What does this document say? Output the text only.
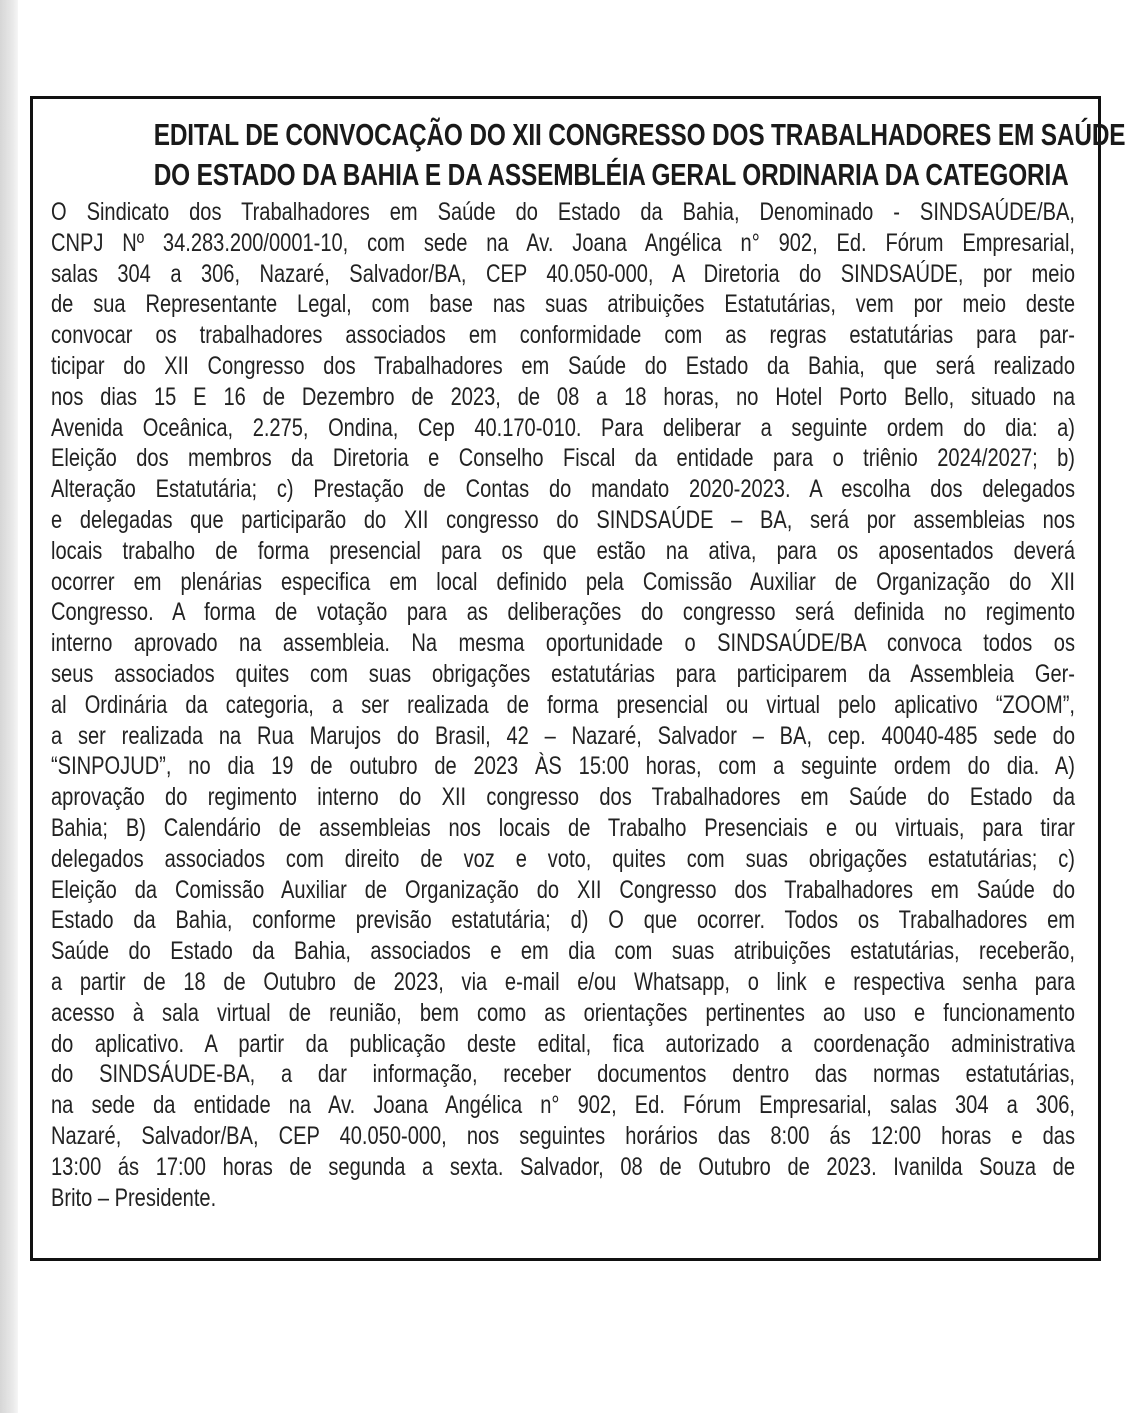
EDITAL DE CONVOCAÇÃO DO XII CONGRESSO DOS TRABALHADORES EM SAÚDE
DO ESTADO DA BAHIA E DA ASSEMBLÉIA GERAL ORDINARIA DA CATEGORIA
O Sindicato dos Trabalhadores em Saúde do Estado da Bahia, Denominado - SINDSAÚDE/BA,
CNPJ Nº 34.283.200/0001-10, com sede na Av. Joana Angélica n° 902, Ed. Fórum Empresarial,
salas 304 a 306, Nazaré, Salvador/BA, CEP 40.050-000, A Diretoria do SINDSAÚDE, por meio
de sua Representante Legal, com base nas suas atribuições Estatutárias, vem por meio deste
convocar os trabalhadores associados em conformidade com as regras estatutárias para par-
ticipar do XII Congresso dos Trabalhadores em Saúde do Estado da Bahia, que será realizado
nos dias 15 E 16 de Dezembro de 2023, de 08 a 18 horas, no Hotel Porto Bello, situado na
Avenida Oceânica, 2.275, Ondina, Cep 40.170-010. Para deliberar a seguinte ordem do dia: a)
Eleição dos membros da Diretoria e Conselho Fiscal da entidade para o triênio 2024/2027; b)
Alteração Estatutária; c) Prestação de Contas do mandato 2020-2023. A escolha dos delegados
e delegadas que participarão do XII congresso do SINDSAÚDE – BA, será por assembleias nos
locais trabalho de forma presencial para os que estão na ativa, para os aposentados deverá
ocorrer em plenárias especifica em local definido pela Comissão Auxiliar de Organização do XII
Congresso. A forma de votação para as deliberações do congresso será definida no regimento
interno aprovado na assembleia. Na mesma oportunidade o SINDSAÚDE/BA convoca todos os
seus associados quites com suas obrigações estatutárias para participarem da Assembleia Ger-
al Ordinária da categoria, a ser realizada de forma presencial ou virtual pelo aplicativo “ZOOM”,
a ser realizada na Rua Marujos do Brasil, 42 – Nazaré, Salvador – BA, cep. 40040-485 sede do
“SINPOJUD”, no dia 19 de outubro de 2023 ÀS 15:00 horas, com a seguinte ordem do dia. A)
aprovação do regimento interno do XII congresso dos Trabalhadores em Saúde do Estado da
Bahia; B) Calendário de assembleias nos locais de Trabalho Presenciais e ou virtuais, para tirar
delegados associados com direito de voz e voto, quites com suas obrigações estatutárias; c)
Eleição da Comissão Auxiliar de Organização do XII Congresso dos Trabalhadores em Saúde do
Estado da Bahia, conforme previsão estatutária; d) O que ocorrer. Todos os Trabalhadores em
Saúde do Estado da Bahia, associados e em dia com suas atribuições estatutárias, receberão,
a partir de 18 de Outubro de 2023, via e-mail e/ou Whatsapp, o link e respectiva senha para
acesso à sala virtual de reunião, bem como as orientações pertinentes ao uso e funcionamento
do aplicativo. A partir da publicação deste edital, fica autorizado a coordenação administrativa
do SINDSÁUDE-BA, a dar informação, receber documentos dentro das normas estatutárias,
na sede da entidade na Av. Joana Angélica n° 902, Ed. Fórum Empresarial, salas 304 a 306,
Nazaré, Salvador/BA, CEP 40.050-000, nos seguintes horários das 8:00 ás 12:00 horas e das
13:00 ás 17:00 horas de segunda a sexta. Salvador, 08 de Outubro de 2023. Ivanilda Souza de
Brito – Presidente.
